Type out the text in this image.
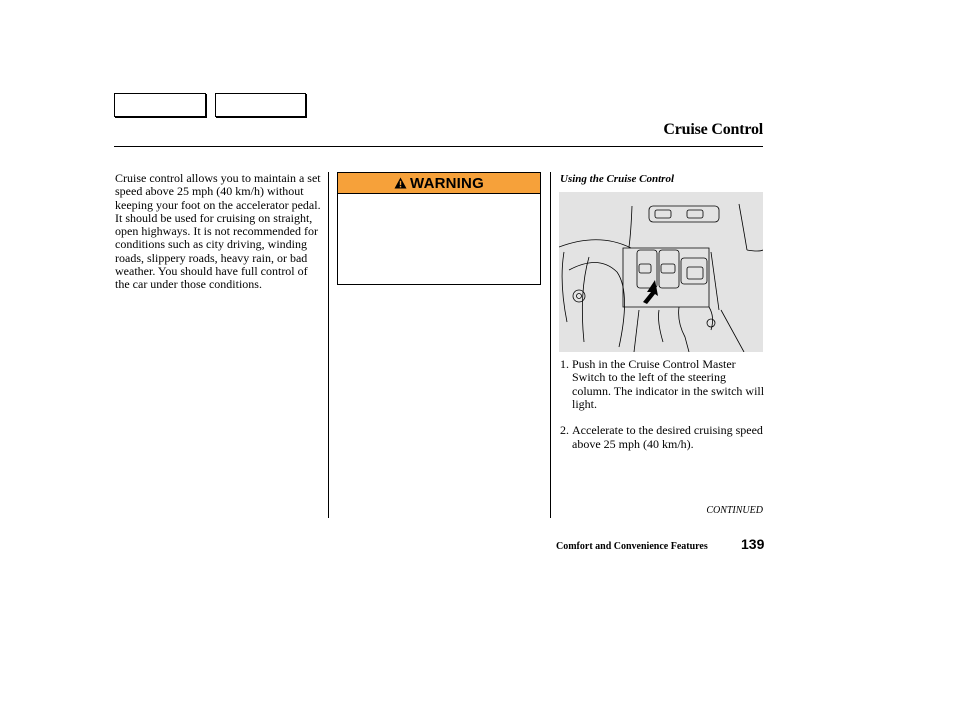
Cruise Control
Cruise control allows you to maintain a set speed above 25 mph (40 km/h) without keeping your foot on the accelerator pedal. It should be used for cruising on straight, open highways. It is not recommended for conditions such as city driving, winding roads, slippery roads, heavy rain, or bad weather. You should have full control of the car under those conditions.
WARNING	Using the Cruise Control
1. Push in the Cruise Control Master Switch to the left of the steering column. The indicator in the switch will light.
2. Accelerate to the desired cruising speed above 25 mph (40 km/h).
CONTINUED
Comfort and Convenience Features 139
